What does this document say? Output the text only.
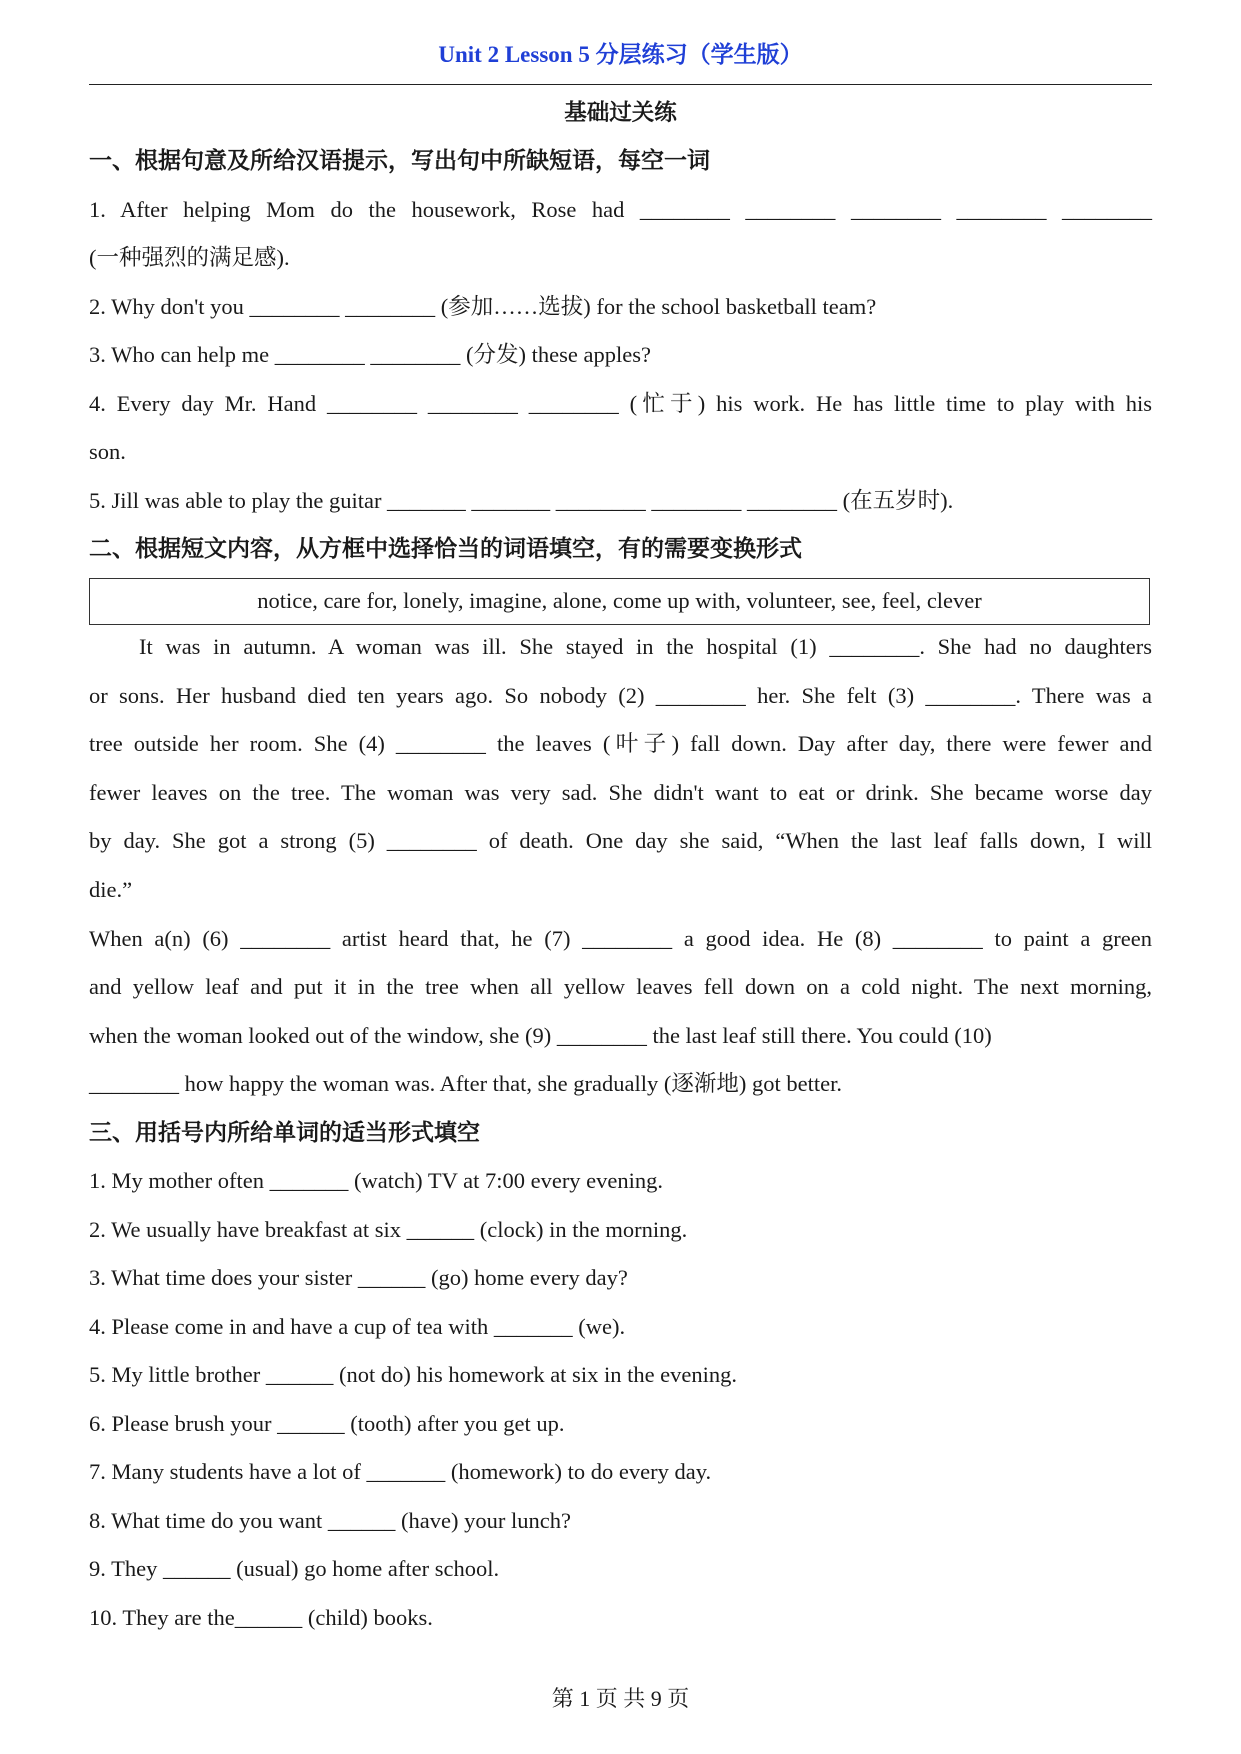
Unit 2 Lesson 5 分层练习（学生版）
基础过关练
一、根据句意及所给汉语提示，写出句中所缺短语，每空一词
1. After helping Mom do the housework, Rose had ________ ________ ________ ________ ________
(一种强烈的满足感).
2. Why don't you ________ ________ (参加……选拔) for the school basketball team?
3. Who can help me ________ ________ (分发) these apples?
4. Every day Mr. Hand ________ ________ ________ (忙于) his work. He has little time to play with his
son.
5. Jill was able to play the guitar _______ _______ ________ ________ ________ (在五岁时).
二、根据短文内容，从方框中选择恰当的词语填空，有的需要变换形式
notice, care for, lonely, imagine, alone, come up with, volunteer, see, feel, clever
It was in autumn. A woman was ill. She stayed in the hospital (1) ________. She had no daughters
or sons. Her husband died ten years ago. So nobody (2) ________ her. She felt (3) ________. There was a
tree outside her room. She (4) ________ the leaves (叶子) fall down. Day after day, there were fewer and
fewer leaves on the tree. The woman was very sad. She didn't want to eat or drink. She became worse day
by day. She got a strong (5) ________ of death. One day she said, “When the last leaf falls down, I will
die.”
When a(n) (6) ________ artist heard that, he (7) ________ a good idea. He (8) ________ to paint a green
and yellow leaf and put it in the tree when all yellow leaves fell down on a cold night. The next morning,
when the woman looked out of the window, she (9) ________ the last leaf still there. You could (10)
________ how happy the woman was. After that, she gradually (逐渐地) got better.
三、用括号内所给单词的适当形式填空
1. My mother often _______ (watch) TV at 7:00 every evening.
2. We usually have breakfast at six ______ (clock) in the morning.
3. What time does your sister ______ (go) home every day?
4. Please come in and have a cup of tea with _______ (we).
5. My little brother ______ (not do) his homework at six in the evening.
6. Please brush your ______ (tooth) after you get up.
7. Many students have a lot of _______ (homework) to do every day.
8. What time do you want ______ (have) your lunch?
9. They ______ (usual) go home after school.
10. They are the______ (child) books.
第 1 页 共 9 页
